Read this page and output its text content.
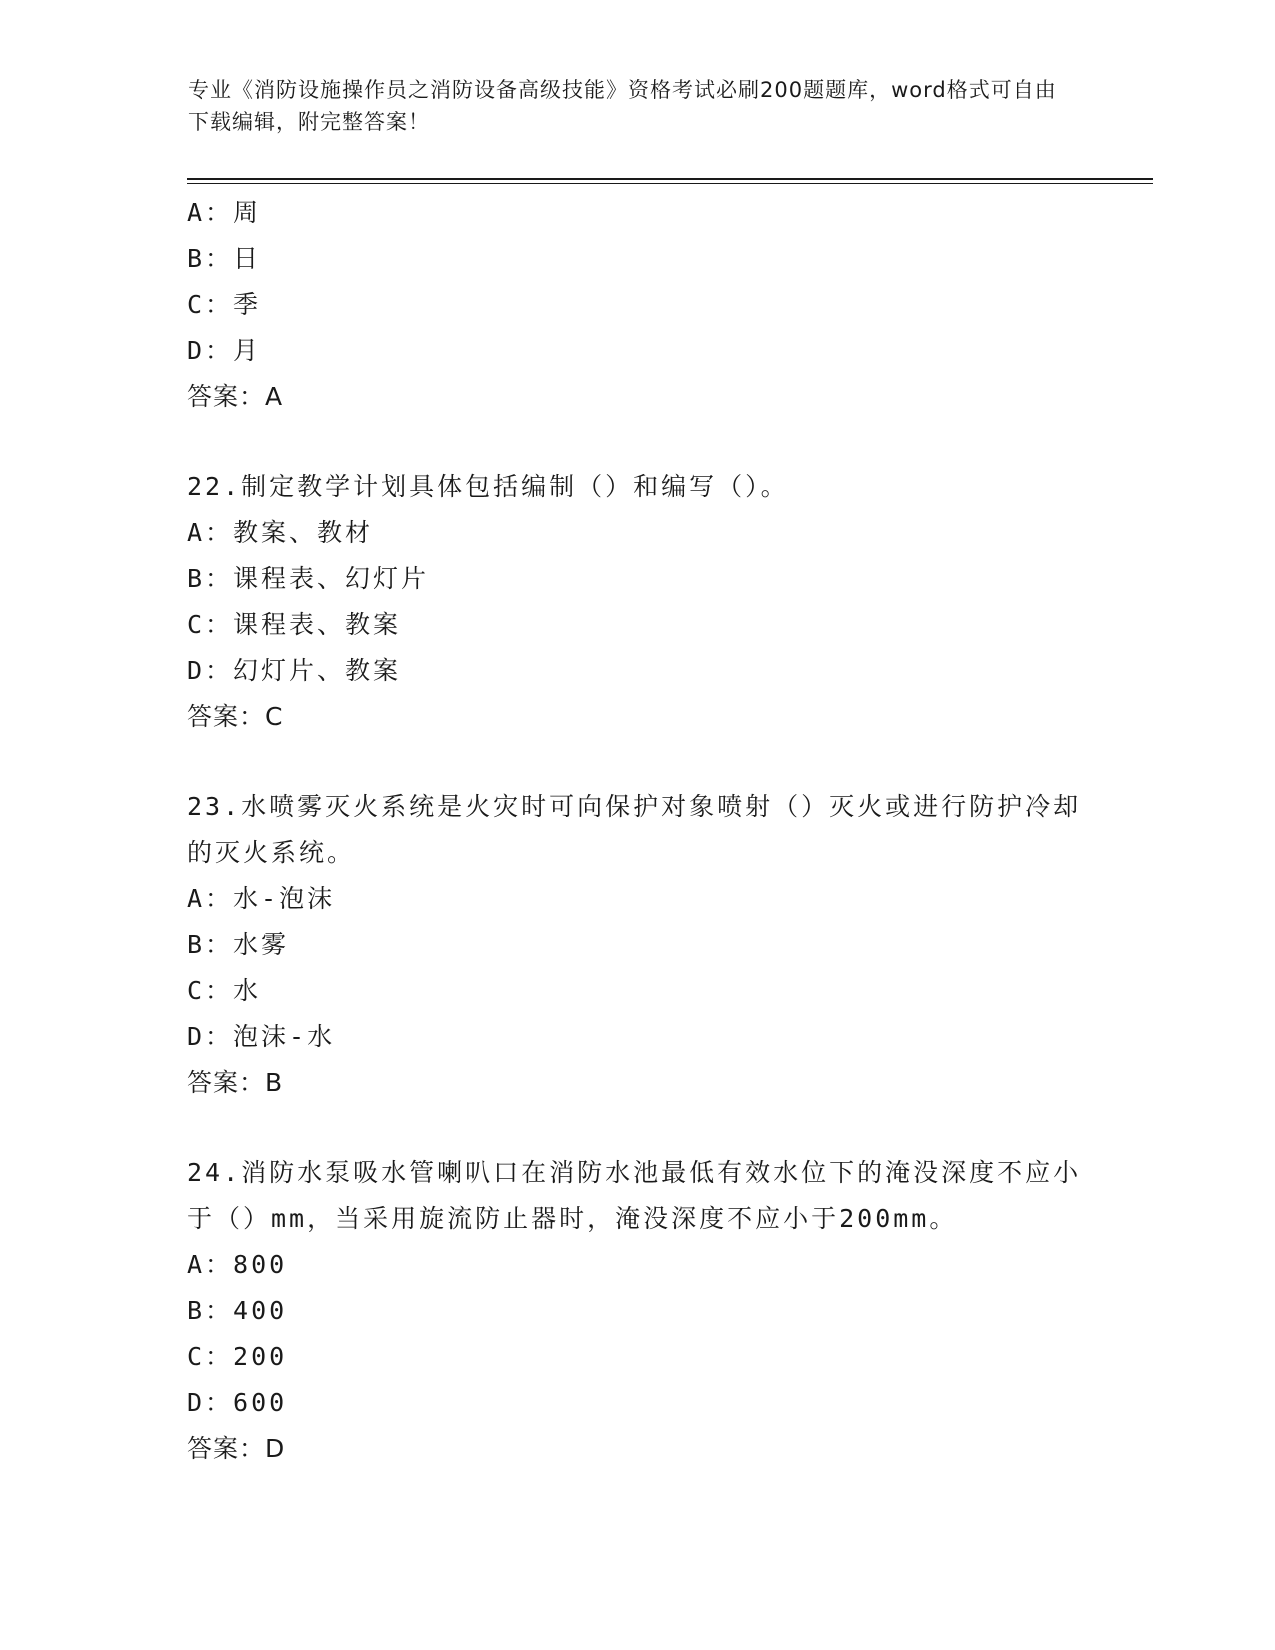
专业《消防设施操作员之消防设备高级技能》资格考试必刷200题题库，word格式可自由下载编辑，附完整答案！
A：周
B：日
C：季
D：月
答案：A
22.制定教学计划具体包括编制（）和编写（）。
A：教案、教材
B：课程表、幻灯片
C：课程表、教案
D：幻灯片、教案
答案：C
23.水喷雾灭火系统是火灾时可向保护对象喷射（）灭火或进行防护冷却的灭火系统。
A：水-泡沫
B：水雾
C：水
D：泡沫-水
答案：B
24.消防水泵吸水管喇叭口在消防水池最低有效水位下的淹没深度不应小于（）mm，当采用旋流防止器时，淹没深度不应小于200mm。
A：800
B：400
C：200
D：600
答案：D
